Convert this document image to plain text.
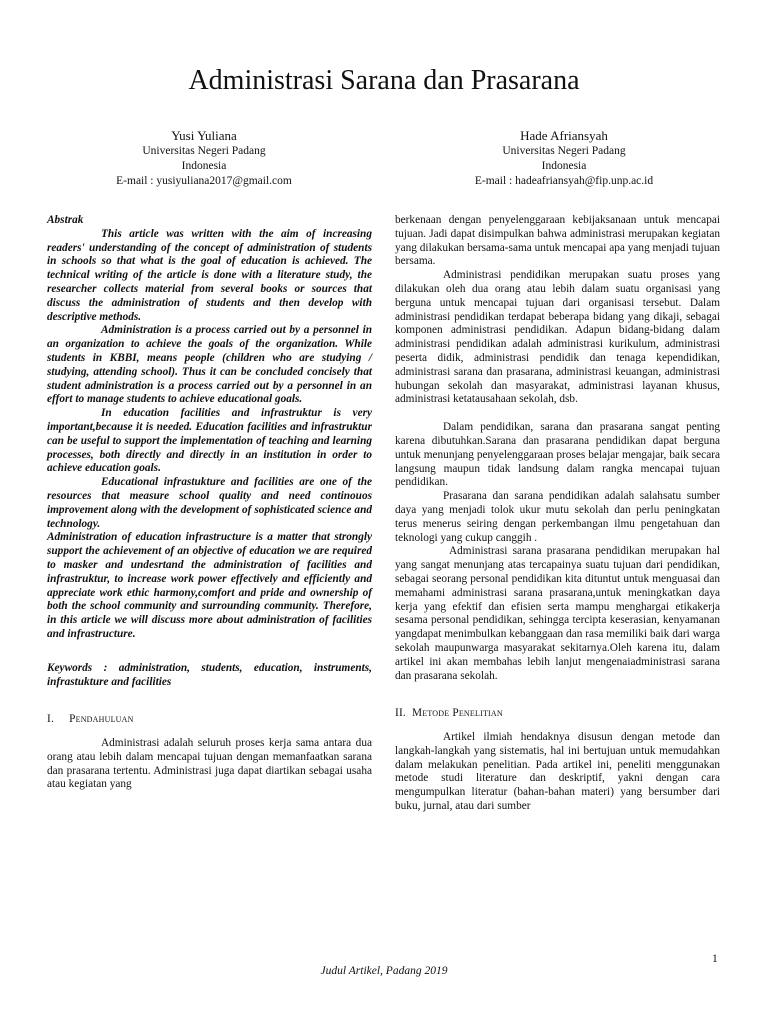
Administrasi Sarana dan Prasarana
Yusi Yuliana
Universitas Negeri Padang
Indonesia
E-mail : yusiyuliana2017@gmail.com
Hade Afriansyah
Universitas Negeri Padang
Indonesia
E-mail : hadeafriansyah@fip.unp.ac.id

Abstrak

This article was written with the aim of increasing readers' understanding of the concept of administration of students in schools so that what is the goal of education is achieved. The technical writing of the article is done with a literature study, the researcher collects material from several books or sources that discuss the administration of students and then develop with descriptive methods.

Administration is a process carried out by a personnel in an organization to achieve the goals of the organization. While students in KBBI, means people (children who are studying / studying, attending school). Thus it can be concluded concisely that student administration is a process carried out by a personnel in an effort to manage students to achieve educational goals.

In education facilities and infrastruktur is very important,because it is needed. Education facilities and infrastruktur can be useful to support the implementation of teaching and learning processes, both directly and directly in an institution in order to achieve education goals.

Educational infrastukture and facilities are one of the resources that measure school quality and need continouos improvement along with the development of sophisticated science and technology.

Administration of education infrastructure is a matter that strongly support the achievement of an objective of education we are required to masker and undesrtand the administration of facilities and infrastruktur, to increase work power effectively and efficiently and appreciate work ethic harmony,comfort and pride and ownership of both the school community and surrounding community. Therefore, in this article we will discuss more about administration of facilities and infrastructure.

Keywords : administration, students, education, instruments, infrastukture and facilities

I. Pendahuluan

Administrasi adalah seluruh proses kerja sama antara dua orang atau lebih dalam mencapai tujuan dengan memanfaatkan sarana dan prasarana tertentu. Administrasi juga dapat diartikan sebagai usaha atau kegiatan yang

berkenaan dengan penyelenggaraan kebijaksanaan untuk mencapai tujuan. Jadi dapat disimpulkan bahwa administrasi merupakan kegiatan yang dilakukan bersama-sama untuk mencapai apa yang menjadi tujuan bersama.

Administrasi pendidikan merupakan suatu proses yang dilakukan oleh dua orang atau lebih dalam suatu organisasi yang berguna untuk mencapai tujuan dari organisasi tersebut. Dalam administrasi pendidikan terdapat beberapa bidang yang dikaji, sebagai komponen administrasi pendidikan. Adapun bidang-bidang dalam administrasi pendidikan adalah administrasi kurikulum, administrasi peserta didik, administrasi pendidik dan tenaga kependidikan, administrasi sarana dan prasarana, administrasi keuangan, administrasi hubungan sekolah dan masyarakat, administrasi layanan khusus, administrasi ketatausahaan sekolah, dsb.

Dalam pendidikan, sarana dan prasarana sangat penting karena dibutuhkan.Sarana dan prasarana pendidikan dapat berguna untuk menunjang penyelenggaraan proses belajar mengajar, baik secara langsung maupun tidak landsung dalam rangka mencapai tujuan pendidikan.

Prasarana dan sarana pendidikan adalah salahsatu sumber daya yang menjadi tolok ukur mutu sekolah dan perlu peningkatan terus menerus seiring dengan perkembangan ilmu pengetahuan dan teknologi yang cukup canggih .

Administrasi sarana prasarana pendidikan merupakan hal yang sangat menunjang atas tercapainya suatu tujuan dari pendidikan, sebagai seorang personal pendidikan kita dituntut untuk menguasai dan memahami administrasi sarana prasarana,untuk meningkatkan daya kerja yang efektif dan efisien serta mampu menghargai etikakerja sesama personal pendidikan, sehingga tercipta keserasian, kenyamanan yangdapat menimbulkan kebanggaan dan rasa memiliki baik dari warga sekolah maupunwarga masyarakat sekitarnya.Oleh karena itu, dalam artikel ini akan membahas lebih lanjut mengenaiadministrasi sarana dan prasarana sekolah.

II. Metode Penelitian

Artikel ilmiah hendaknya disusun dengan metode dan langkah-langkah yang sistematis, hal ini bertujuan untuk memudahkan dalam melakukan penelitian. Pada artikel ini, peneliti menggunakan metode studi literature dan deskriptif, yakni dengan cara mengumpulkan literatur (bahan-bahan materi) yang bersumber dari buku, jurnal, atau dari sumber

1
Judul Artikel, Padang 2019
